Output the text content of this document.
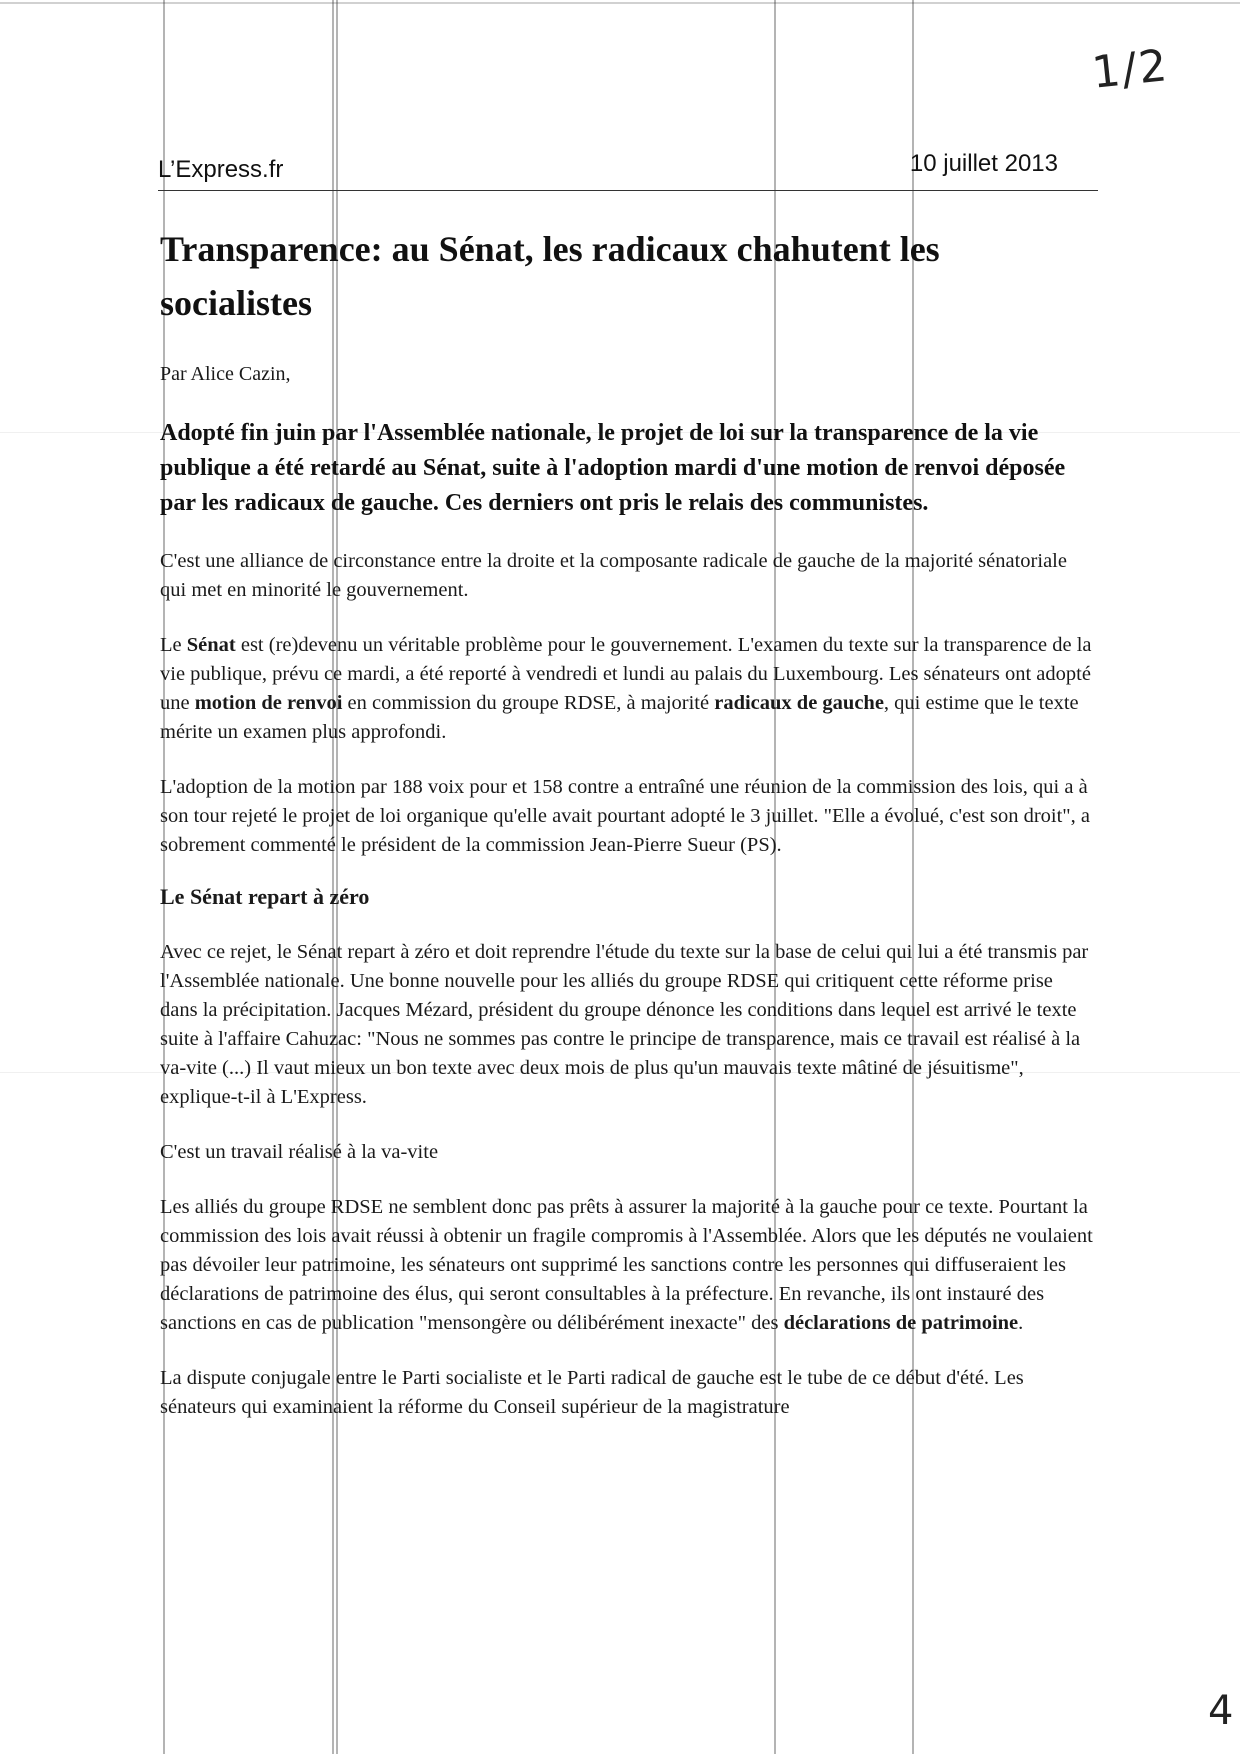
1/2
L’Express.fr	10 juillet 2013
Transparence: au Sénat, les radicaux chahutent les socialistes

Par Alice Cazin,

Adopté fin juin par l'Assemblée nationale, le projet de loi sur la transparence de la vie publique a été retardé au Sénat, suite à l'adoption mardi d'une motion de renvoi déposée par les radicaux de gauche. Ces derniers ont pris le relais des communistes.

C'est une alliance de circonstance entre la droite et la composante radicale de gauche de la majorité sénatoriale qui met en minorité le gouvernement.

Le Sénat est (re)devenu un véritable problème pour le gouvernement. L'examen du texte sur la transparence de la vie publique, prévu ce mardi, a été reporté à vendredi et lundi au palais du Luxembourg. Les sénateurs ont adopté une motion de renvoi en commission du groupe RDSE, à majorité radicaux de gauche, qui estime que le texte mérite un examen plus approfondi.

L'adoption de la motion par 188 voix pour et 158 contre a entraîné une réunion de la commission des lois, qui a à son tour rejeté le projet de loi organique qu'elle avait pourtant adopté le 3 juillet. "Elle a évolué, c'est son droit", a sobrement commenté le président de la commission Jean-Pierre Sueur (PS).

Le Sénat repart à zéro

Avec ce rejet, le Sénat repart à zéro et doit reprendre l'étude du texte sur la base de celui qui lui a été transmis par l'Assemblée nationale. Une bonne nouvelle pour les alliés du groupe RDSE qui critiquent cette réforme prise dans la précipitation. Jacques Mézard, président du groupe dénonce les conditions dans lequel est arrivé le texte suite à l'affaire Cahuzac: "Nous ne sommes pas contre le principe de transparence, mais ce travail est réalisé à la va-vite (...) Il vaut mieux un bon texte avec deux mois de plus qu'un mauvais texte mâtiné de jésuitisme", explique-t-il à L'Express.

C'est un travail réalisé à la va-vite

Les alliés du groupe RDSE ne semblent donc pas prêts à assurer la majorité à la gauche pour ce texte. Pourtant la commission des lois avait réussi à obtenir un fragile compromis à l'Assemblée. Alors que les députés ne voulaient pas dévoiler leur patrimoine, les sénateurs ont supprimé les sanctions contre les personnes qui diffuseraient les déclarations de patrimoine des élus, qui seront consultables à la préfecture. En revanche, ils ont instauré des sanctions en cas de publication "mensongère ou délibérément inexacte" des déclarations de patrimoine.

La dispute conjugale entre le Parti socialiste et le Parti radical de gauche est le tube de ce début d'été. Les sénateurs qui examinaient la réforme du Conseil supérieur de la magistrature

4
